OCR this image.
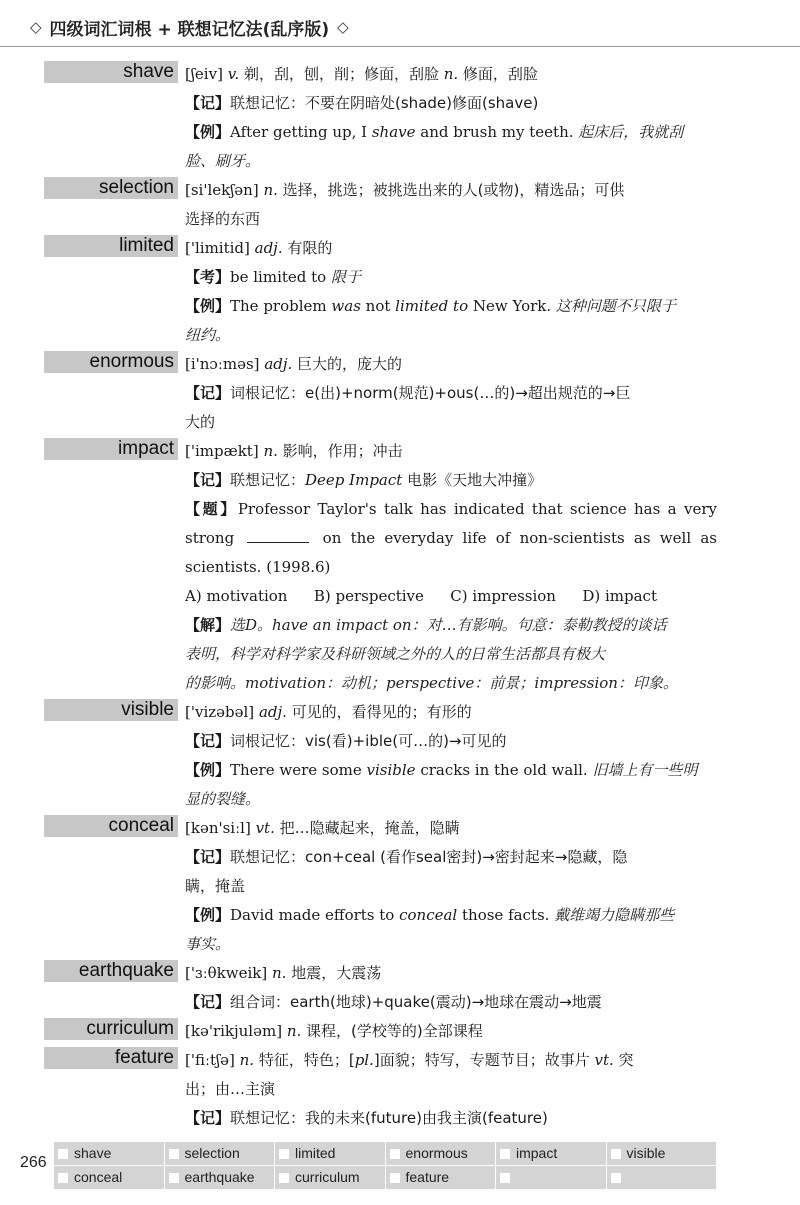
◇ 四级词汇词根 + 联想记忆法(乱序版) ◇
shave [ʃeiv] v. 剃，刮，刨，削；修面，刮脸 n. 修面，刮脸
【记】联想记忆：不要在阴暗处(shade)修面(shave)
【例】After getting up, I shave and brush my teeth. 起床后，我就刮
脸、刷牙。
selection [si'lekʃən] n. 选择，挑选；被挑选出来的人(或物)，精选品；可供
选择的东西
limited ['limitid] adj. 有限的
【考】be limited to 限于
【例】The problem was not limited to New York. 这种问题不只限于
纽约。
enormous [i'nɔːməs] adj. 巨大的，庞大的
【记】词根记忆：e(出)+norm(规范)+ous(…的)→超出规范的→巨
大的
impact ['impækt] n. 影响，作用；冲击
【记】联想记忆：Deep Impact 电影《天地大冲撞》
【题】Professor Taylor's talk has indicated that science has a very
strong	on the everyday life of non-scientists as well as
scientists. (1998.6)
A) motivation B) perspective C) impression D) impact
【解】选D。have an impact on：对…有影响。句意：泰勒教授的谈话
表明，科学对科学家及科研领域之外的人的日常生活都具有极大
的影响。motivation：动机；perspective：前景；impression：印象。
visible ['vizəbəl] adj. 可见的，看得见的；有形的
【记】词根记忆：vis(看)+ible(可…的)→可见的
【例】There were some visible cracks in the old wall. 旧墙上有一些明
显的裂缝。
conceal [kən'siːl] vt. 把…隐藏起来，掩盖，隐瞒
【记】联想记忆：con+ceal (看作seal密封)→密封起来→隐藏，隐
瞒，掩盖
【例】David made efforts to conceal those facts. 戴维竭力隐瞒那些
事实。
earthquake ['ɜːθkweik] n. 地震，大震荡
【记】组合词：earth(地球)+quake(震动)→地球在震动→地震
curriculum [kə'rikjuləm] n. 课程，(学校等的)全部课程
feature ['fiːtʃə] n. 特征，特色；[pl.]面貌；特写，专题节目；故事片 vt. 突
出；由…主演
【记】联想记忆：我的未来(future)由我主演(feature)
266
shave	selection	limited	enormous	impact	visible
conceal	earthquake	curriculum	feature
